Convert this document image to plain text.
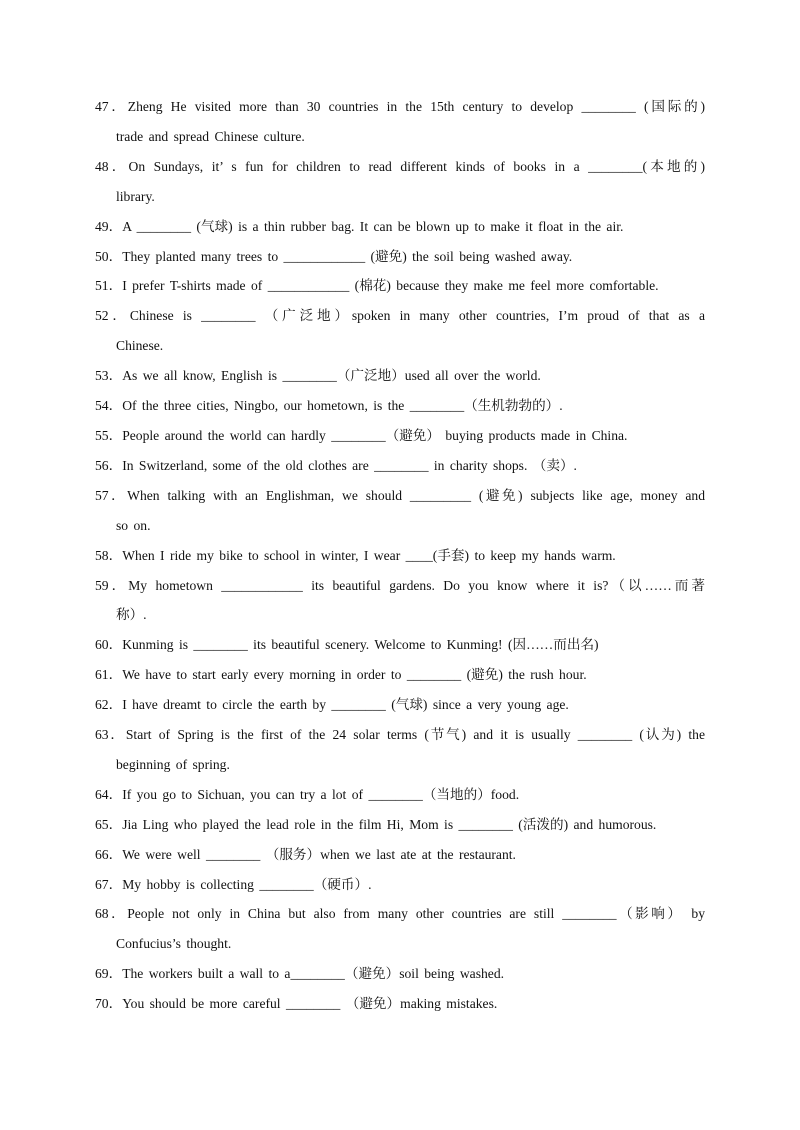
47．Zheng He visited more than 30 countries in the 15th century to develop ________ (国际的)
trade and spread Chinese culture.
48．On Sundays, it’ s fun for children to read different kinds of books in a ________(本地的)
library.
49．A ________ (气球) is a thin rubber bag. It can be blown up to make it float in the air.
50．They planted many trees to ____________ (避免) the soil being washed away.
51．I prefer T-shirts made of ____________ (棉花) because they make me feel more comfortable.
52．Chinese is ________ （广泛地）spoken in many other countries, I’m proud of that as a
Chinese.
53．As we all know, English is ________（广泛地）used all over the world.
54．Of the three cities, Ningbo, our hometown, is the ________（生机勃勃的）.
55．People around the world can hardly ________（避免） buying products made in China.
56．In Switzerland, some of the old clothes are ________ in charity shops. （卖）.
57．When talking with an Englishman, we should _________ (避免) subjects like age, money and
so on.
58．When I ride my bike to school in winter, I wear ____(手套) to keep my hands warm.
59．My hometown ____________ its beautiful gardens. Do you know where it is?（以……而著
称）.
60．Kunming is ________ its beautiful scenery. Welcome to Kunming! (因……而出名)
61．We have to start early every morning in order to ________ (避免) the rush hour.
62．I have dreamt to circle the earth by ________ (气球) since a very young age.
63．Start of Spring is the first of the 24 solar terms (节气) and it is usually ________ (认为) the
beginning of spring.
64．If you go to Sichuan, you can try a lot of ________（当地的）food.
65．Jia Ling who played the lead role in the film Hi, Mom is ________ (活泼的) and humorous.
66．We were well ________ （服务）when we last ate at the restaurant.
67．My hobby is collecting ________（硬币）.
68．People not only in China but also from many other countries are still ________（影响） by
Confucius’s thought.
69．The workers built a wall to a________（避免）soil being washed.
70．You should be more careful ________ （避免）making mistakes.
